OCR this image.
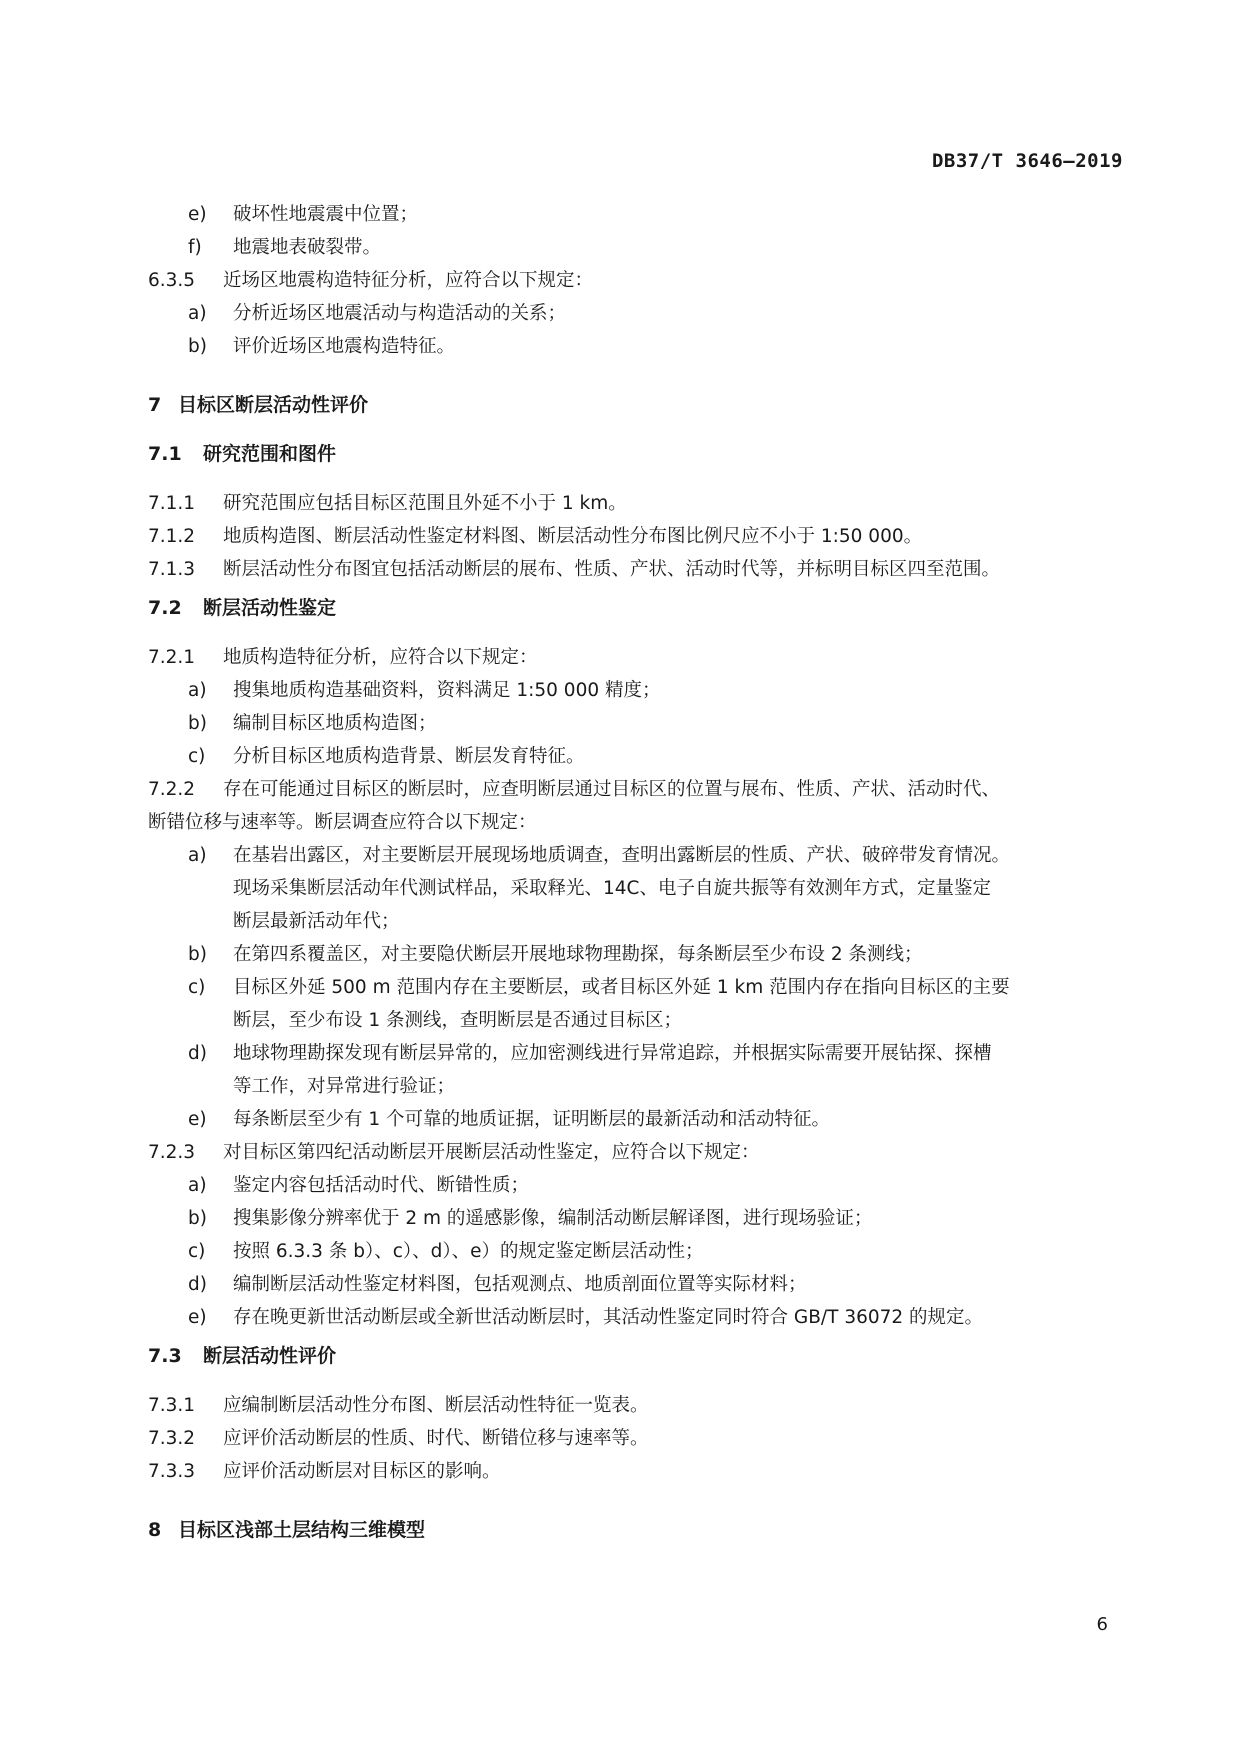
DB37/T 3646—2019
e)	破坏性地震震中位置；
f)	地震地表破裂带。
6.3.5	近场区地震构造特征分析，应符合以下规定：
a)	分析近场区地震活动与构造活动的关系；
b)	评价近场区地震构造特征。
7 目标区断层活动性评价
7.1	研究范围和图件
7.1.1	研究范围应包括目标区范围且外延不小于 1 km。
7.1.2	地质构造图、断层活动性鉴定材料图、断层活动性分布图比例尺应不小于 1:50 000。
7.1.3	断层活动性分布图宜包括活动断层的展布、性质、产状、活动时代等，并标明目标区四至范围。
7.2	断层活动性鉴定
7.2.1	地质构造特征分析，应符合以下规定：
a)	搜集地质构造基础资料，资料满足 1:50 000 精度；
b)	编制目标区地质构造图；
c)	分析目标区地质构造背景、断层发育特征。
7.2.2	存在可能通过目标区的断层时，应查明断层通过目标区的位置与展布、性质、产状、活动时代、
断错位移与速率等。断层调查应符合以下规定：
a)	在基岩出露区，对主要断层开展现场地质调查，查明出露断层的性质、产状、破碎带发育情况。
现场采集断层活动年代测试样品，采取释光、14C、电子自旋共振等有效测年方式，定量鉴定
断层最新活动年代；
b)	在第四系覆盖区，对主要隐伏断层开展地球物理勘探，每条断层至少布设 2 条测线；
c)	目标区外延 500 m 范围内存在主要断层，或者目标区外延 1 km 范围内存在指向目标区的主要
断层，至少布设 1 条测线，查明断层是否通过目标区；
d)	地球物理勘探发现有断层异常的，应加密测线进行异常追踪，并根据实际需要开展钻探、探槽
等工作，对异常进行验证；
e)	每条断层至少有 1 个可靠的地质证据，证明断层的最新活动和活动特征。
7.2.3	对目标区第四纪活动断层开展断层活动性鉴定，应符合以下规定：
a)	鉴定内容包括活动时代、断错性质；
b)	搜集影像分辨率优于 2 m 的遥感影像，编制活动断层解译图，进行现场验证；
c)	按照 6.3.3 条 b）、c）、d）、e）的规定鉴定断层活动性；
d)	编制断层活动性鉴定材料图，包括观测点、地质剖面位置等实际材料；
e)	存在晚更新世活动断层或全新世活动断层时，其活动性鉴定同时符合 GB/T 36072 的规定。
7.3	断层活动性评价
7.3.1	应编制断层活动性分布图、断层活动性特征一览表。
7.3.2	应评价活动断层的性质、时代、断错位移与速率等。
7.3.3	应评价活动断层对目标区的影响。
8 目标区浅部土层结构三维模型
6
